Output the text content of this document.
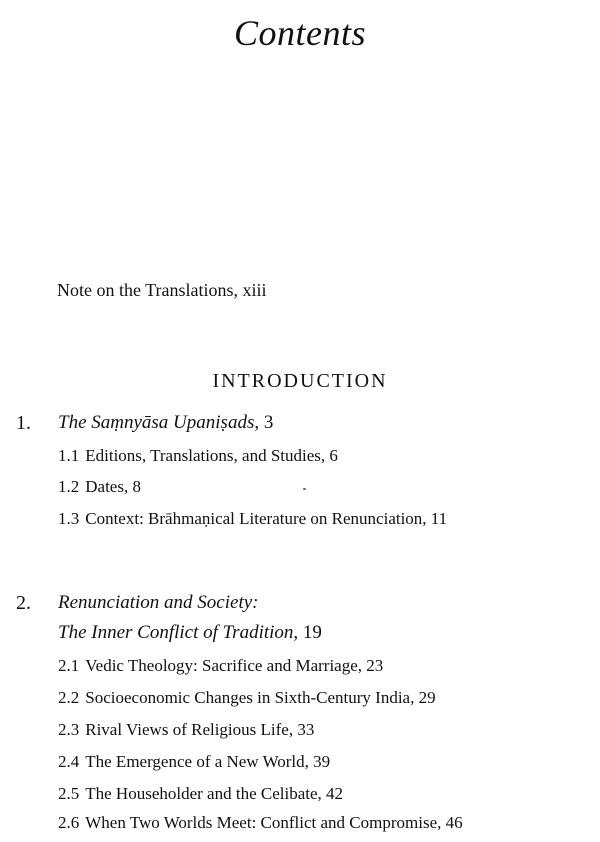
Contents
Note on the Translations, xiii
INTRODUCTION
1. The Saṃnyāsa Upaniṣads, 3
1.1 Editions, Translations, and Studies, 6
1.2 Dates, 8
1.3 Context: Brāhmaṇical Literature on Renunciation, 11
2. Renunciation and Society:
The Inner Conflict of Tradition, 19
2.1 Vedic Theology: Sacrifice and Marriage, 23
2.2 Socioeconomic Changes in Sixth-Century India, 29
2.3 Rival Views of Religious Life, 33
2.4 The Emergence of a New World, 39
2.5 The Householder and the Celibate, 42
2.6 When Two Worlds Meet: Conflict and Compromise, 46
